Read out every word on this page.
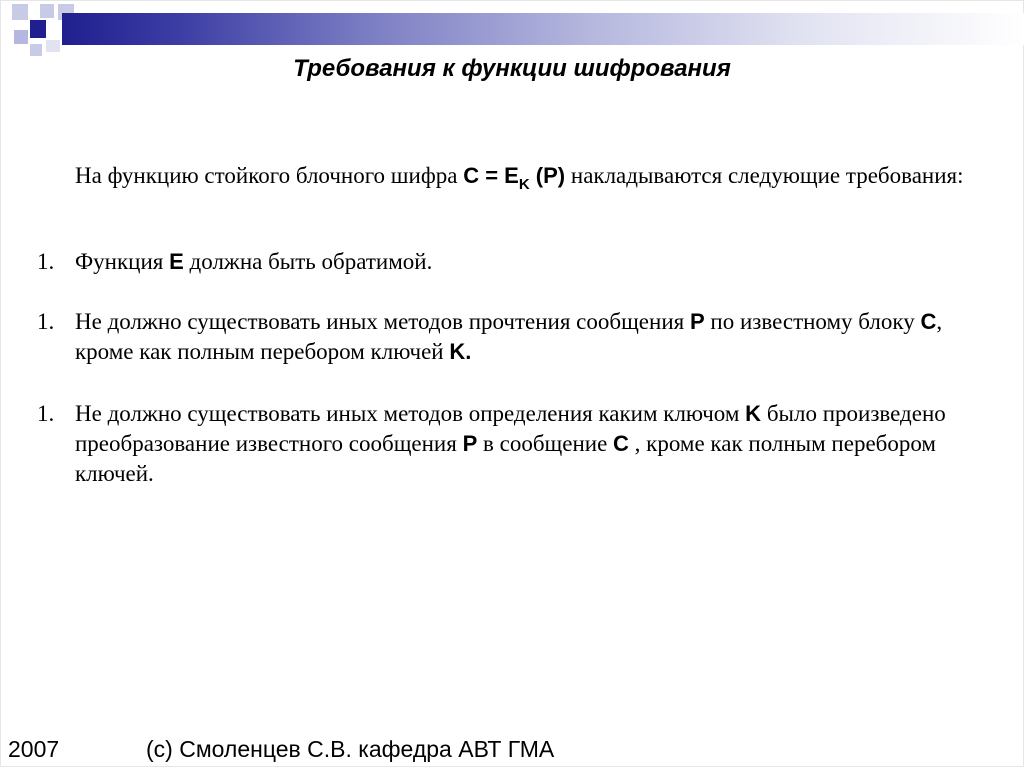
Требования к функции шифрования
На функцию стойкого блочного шифра $C = E_K$ (P) накладываются следующие требования:
1. Функция E должна быть обратимой.
1. Не должно существовать иных методов прочтения сообщения P по известному блоку C, кроме как полным перебором ключей K.
1. Не должно существовать иных методов определения каким ключом K было произведено преобразование известного сообщения P в сообщение C , кроме как полным перебором ключей.
2007	(c) Смоленцев С.В. кафедра АВТ ГМА
